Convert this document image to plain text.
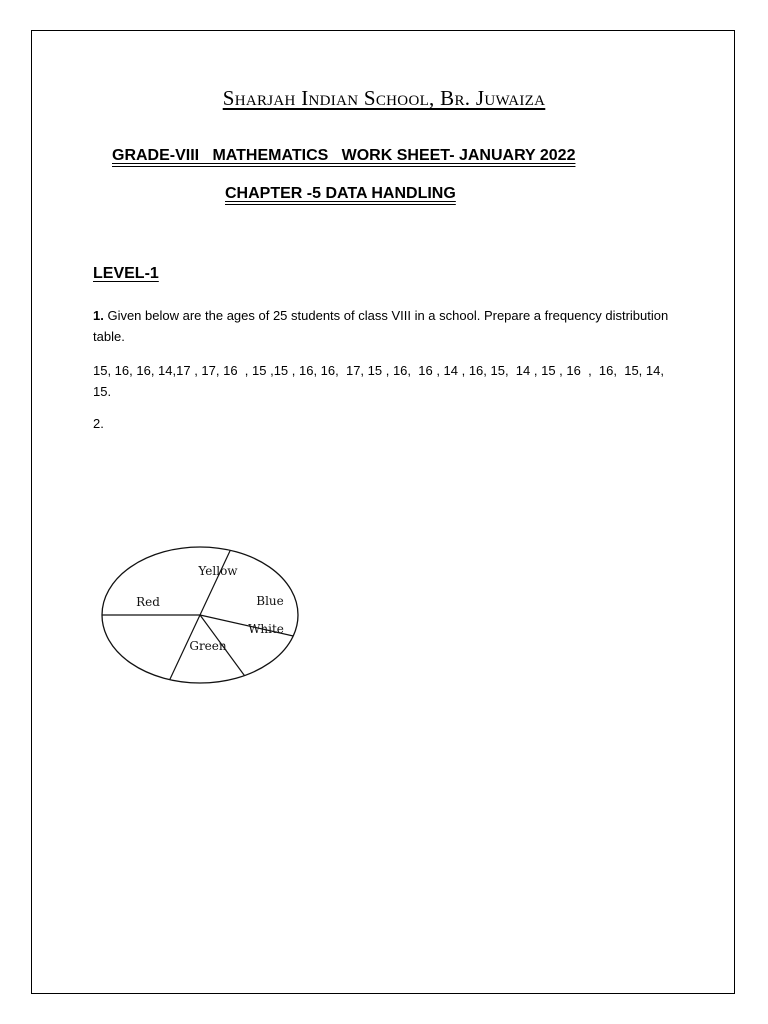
Sharjah Indian School, Br. Juwaiza
GRADE-VIII   MATHEMATICS   WORK SHEET- JANUARY 2022
CHAPTER -5 DATA HANDLING
LEVEL-1
1. Given below are the ages of 25 students of class VIII in a school. Prepare a frequency distribution table.
15, 16, 16, 14,17 , 17, 16  , 15 ,15 , 16, 16,  17, 15 , 16,  16 , 14 , 16, 15,  14 , 15 , 16  ,  16,  15, 14, 15.
2.
Yellow
Blue
White
Green
Red
